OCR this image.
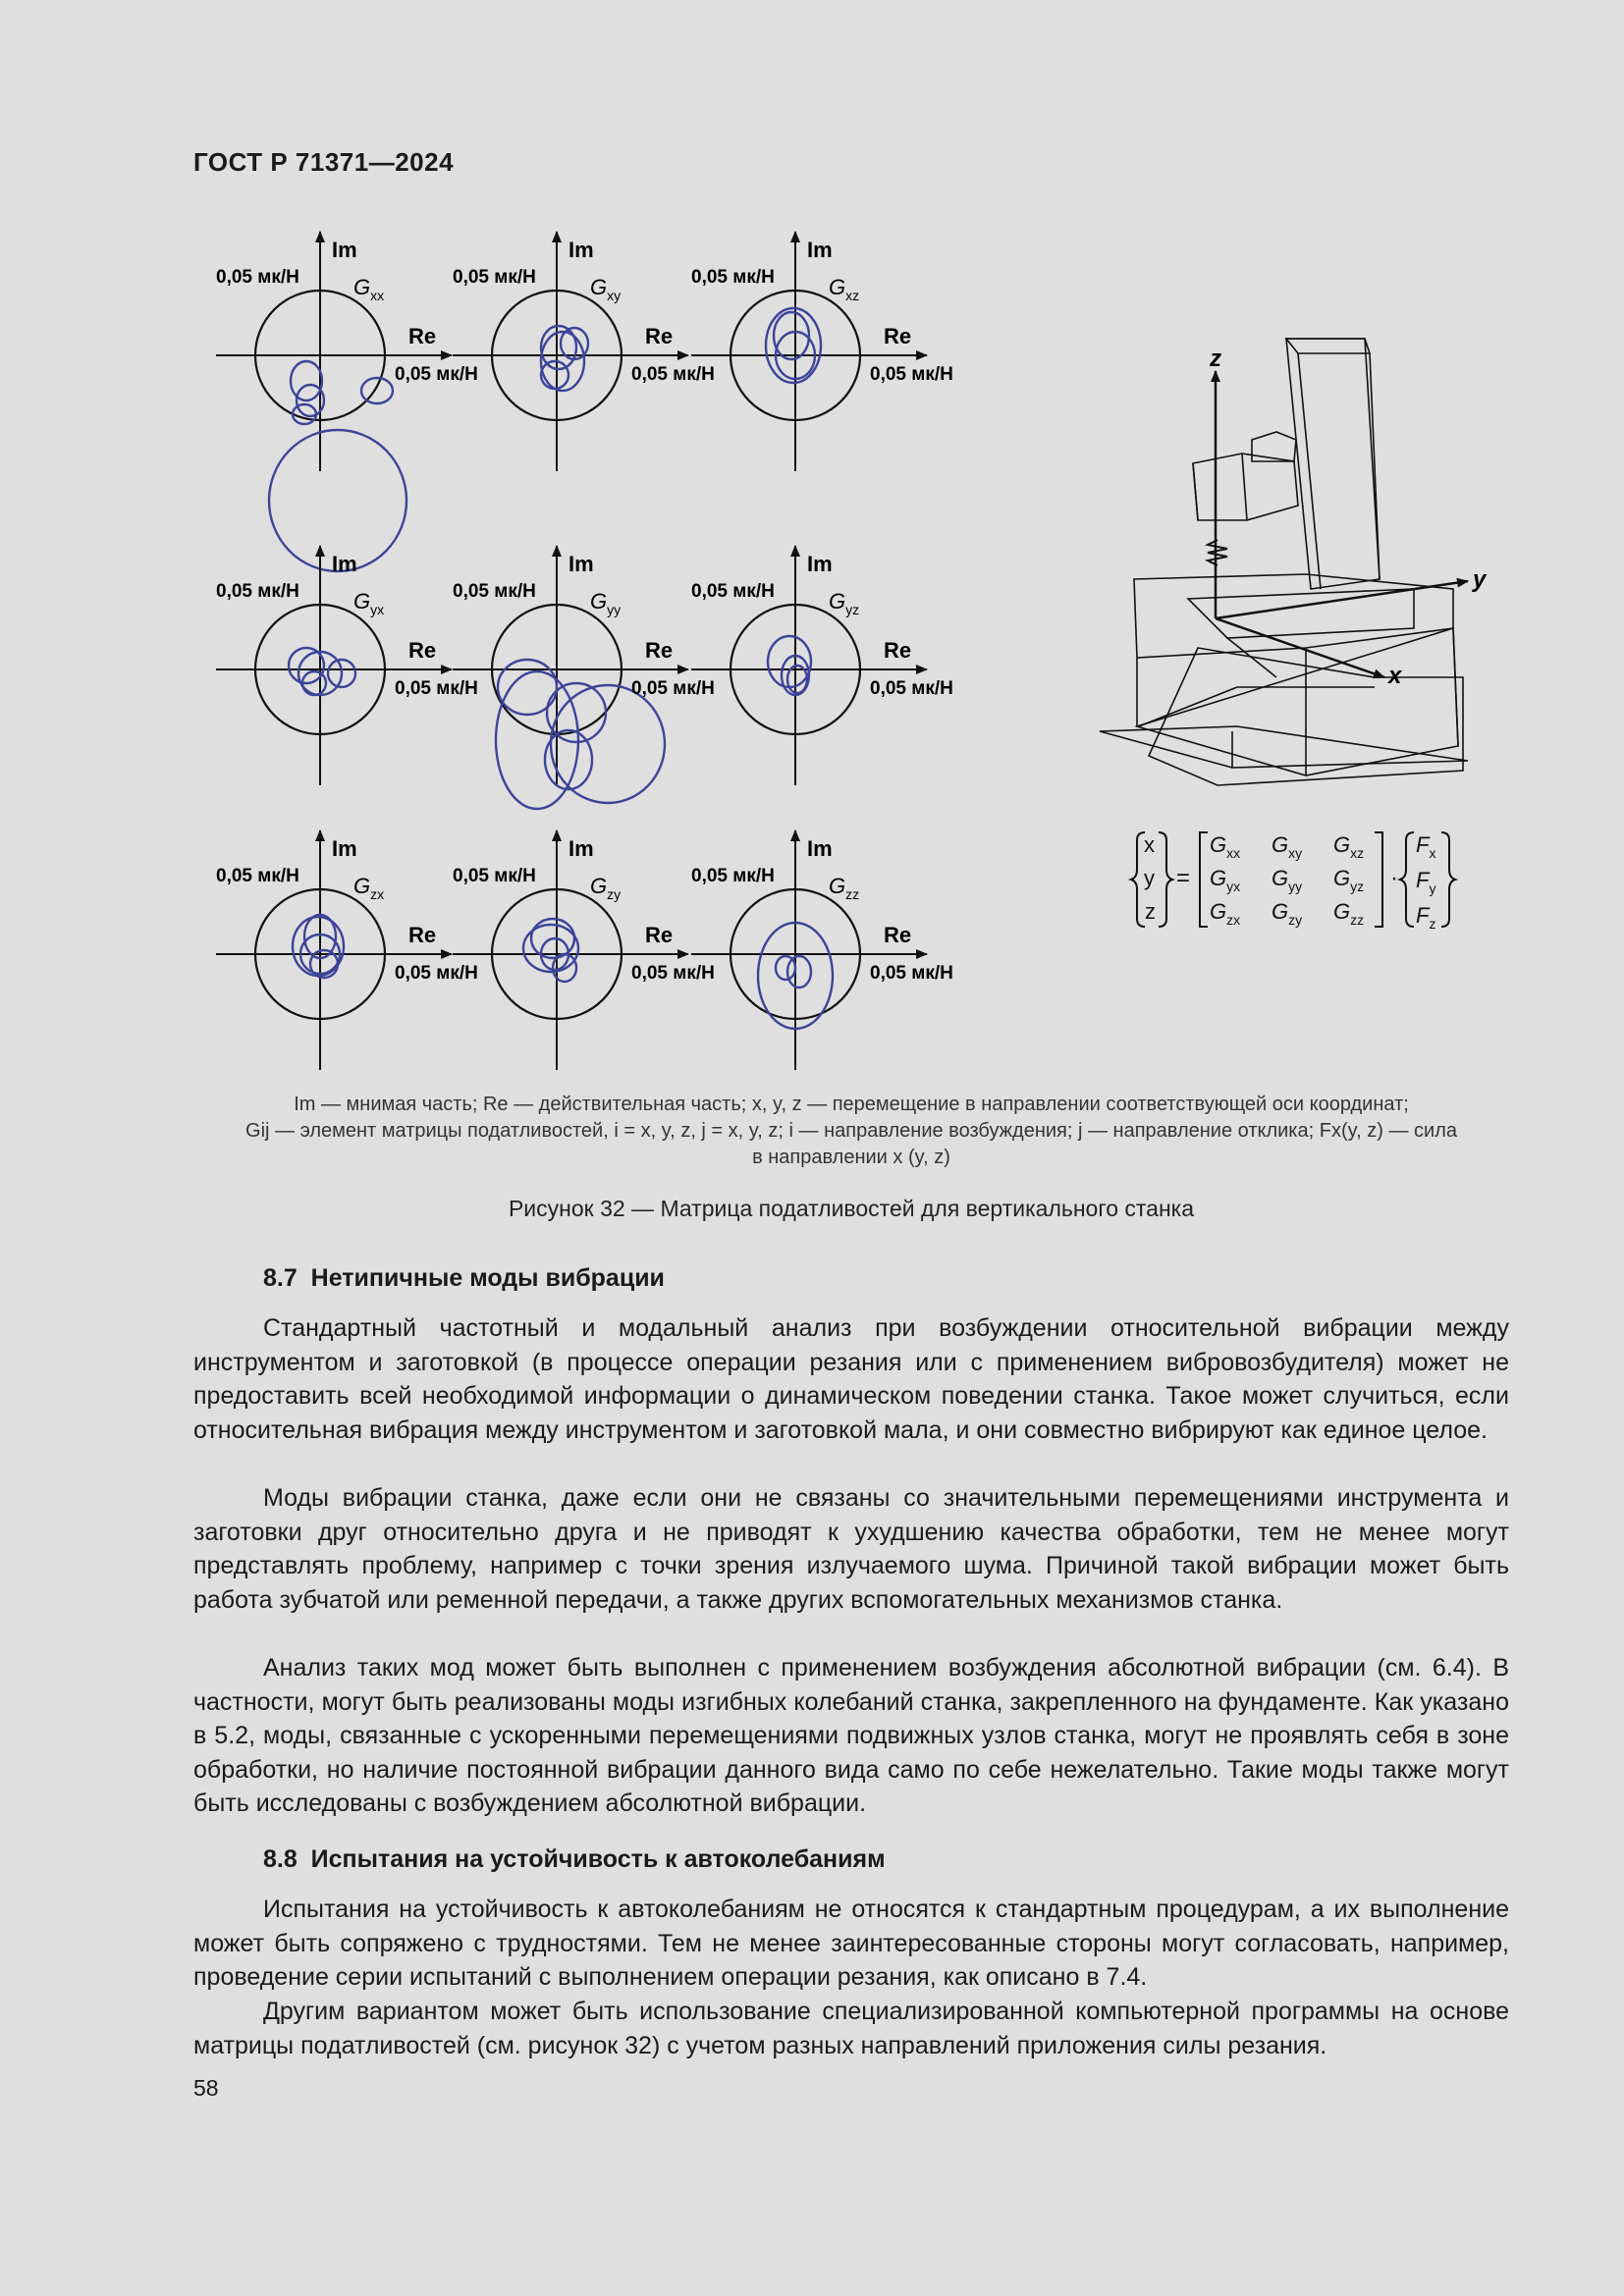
ГОСТ Р 71371—2024
Im
Re
0,05 мк/Н
0,05 мк/Н
$G_{xx}$
Im
Re
0,05 мк/Н
0,05 мк/Н
$G_{xy}$
Im
Re
0,05 мк/Н
0,05 мк/Н
$G_{xz}$
Im
Re
0,05 мк/Н
0,05 мк/Н
$G_{yx}$
Im
Re
0,05 мк/Н
0,05 мк/Н
$G_{yy}$
Im
Re
0,05 мк/Н
0,05 мк/Н
$G_{yz}$
Im
Re
0,05 мк/Н
0,05 мк/Н
$G_{zx}$
Im
Re
0,05 мк/Н
0,05 мк/Н
$G_{zy}$
Im
Re
0,05 мк/Н
0,05 мк/Н
$G_{zz}$
z
y
x
x
y
z
=
$G_{xx}$ $G_{xy}$ $G_{xz}$
$G_{yx}$ $G_{yy}$ $G_{yz}$
$G_{zx}$ $G_{zy}$ $G_{zz}$
·
$F_x$
$F_y$
$F_z$

Im — мнимая часть; Re — действительная часть; x, y, z — перемещение в направлении соответствующей оси координат;

Gij — элемент матрицы податливостей, i = x, y, z, j = x, y, z; i — направление возбуждения; j — направление отклика; Fx(y, z) — сила

в направлении x (y, z)

Рисунок 32 — Матрица податливостей для вертикального станка
8.7 Нетипичные моды вибрации

Стандартный частотный и модальный анализ при возбуждении относительной вибрации между инструментом и заготовкой (в процессе операции резания или с применением вибровозбудителя) может не предоставить всей необходимой информации о динамическом поведении станка. Такое может случиться, если относительная вибрация между инструментом и заготовкой мала, и они совместно вибрируют как единое целое.

Моды вибрации станка, даже если они не связаны со значительными перемещениями инструмента и заготовки друг относительно друга и не приводят к ухудшению качества обработки, тем не менее могут представлять проблему, например с точки зрения излучаемого шума. Причиной такой вибрации может быть работа зубчатой или ременной передачи, а также других вспомогательных механизмов станка.

Анализ таких мод может быть выполнен с применением возбуждения абсолютной вибрации (см. 6.4). В частности, могут быть реализованы моды изгибных колебаний станка, закрепленного на фундаменте. Как указано в 5.2, моды, связанные с ускоренными перемещениями подвижных узлов станка, могут не проявлять себя в зоне обработки, но наличие постоянной вибрации данного вида само по себе нежелательно. Такие моды также могут быть исследованы с возбуждением абсолютной вибрации.

8.8 Испытания на устойчивость к автоколебаниям

Испытания на устойчивость к автоколебаниям не относятся к стандартным процедурам, а их выполнение может быть сопряжено с трудностями. Тем не менее заинтересованные стороны могут согласовать, например, проведение серии испытаний с выполнением операции резания, как описано в 7.4.

Другим вариантом может быть использование специализированной компьютерной программы на основе матрицы податливостей (см. рисунок 32) с учетом разных направлений приложения силы резания.

58
